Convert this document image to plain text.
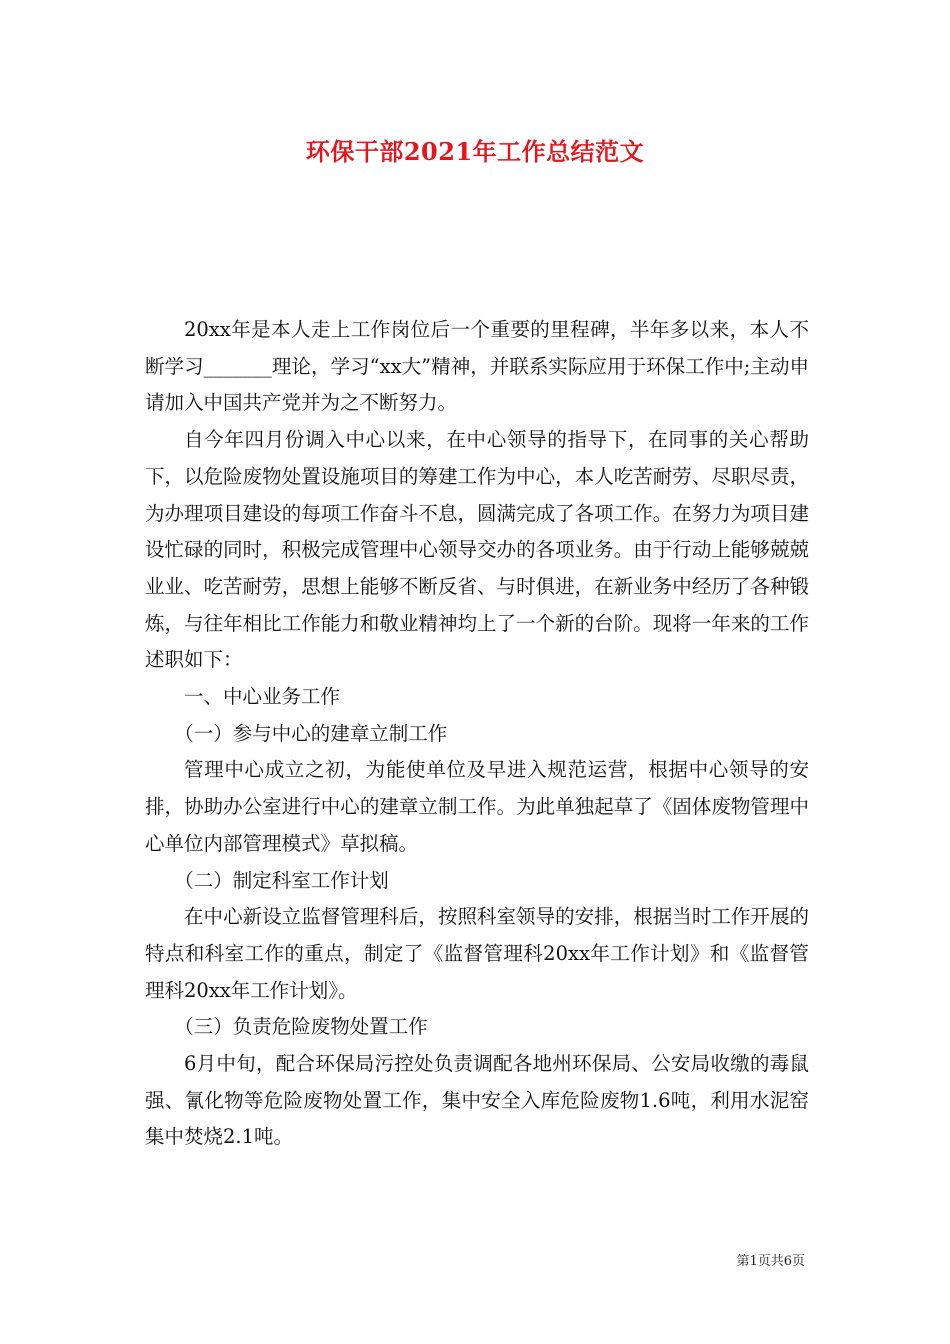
环保干部2021年工作总结范文

20xx年是本人走上工作岗位后一个重要的里程碑，半年多以来，本人不断学习_______理论，学习“xx大”精神，并联系实际应用于环保工作中;主动申请加入中国共产党并为之不断努力。

自今年四月份调入中心以来，在中心领导的指导下，在同事的关心帮助下，以危险废物处置设施项目的筹建工作为中心，本人吃苦耐劳、尽职尽责，为办理项目建设的每项工作奋斗不息，圆满完成了各项工作。在努力为项目建设忙碌的同时，积极完成管理中心领导交办的各项业务。由于行动上能够兢兢业业、吃苦耐劳，思想上能够不断反省、与时俱进，在新业务中经历了各种锻炼，与往年相比工作能力和敬业精神均上了一个新的台阶。现将一年来的工作述职如下：

一、中心业务工作

（一）参与中心的建章立制工作

管理中心成立之初，为能使单位及早进入规范运营，根据中心领导的安排，协助办公室进行中心的建章立制工作。为此单独起草了《固体废物管理中心单位内部管理模式》草拟稿。

（二）制定科室工作计划

在中心新设立监督管理科后，按照科室领导的安排，根据当时工作开展的特点和科室工作的重点，制定了《监督管理科20xx年工作计划》和《监督管理科20xx年工作计划》。

（三）负责危险废物处置工作

6月中旬，配合环保局污控处负责调配各地州环保局、公安局收缴的毒鼠强、氰化物等危险废物处置工作，集中安全入库危险废物1.6吨，利用水泥窑集中焚烧2.1吨。

第1页共6页
